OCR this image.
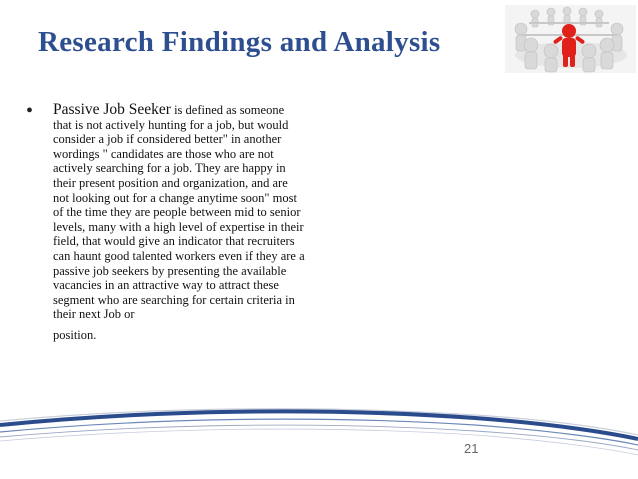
Research Findings and Analysis
• Passive Job Seeker is defined as someone that is not actively hunting for a job, but would consider a job if considered better" in another wordings " candidates are those who are not actively searching for a job. They are happy in their present position and organization, and are not looking out for a change anytime soon" most of the time they are people between mid to senior levels, many with a high level of expertise in their field, that would give an indicator that recruiters can haunt good talented workers even if they are a passive job seekers by presenting the available vacancies in an attractive way to attract these segment who are searching for certain criteria in their next Job or
position.

21
